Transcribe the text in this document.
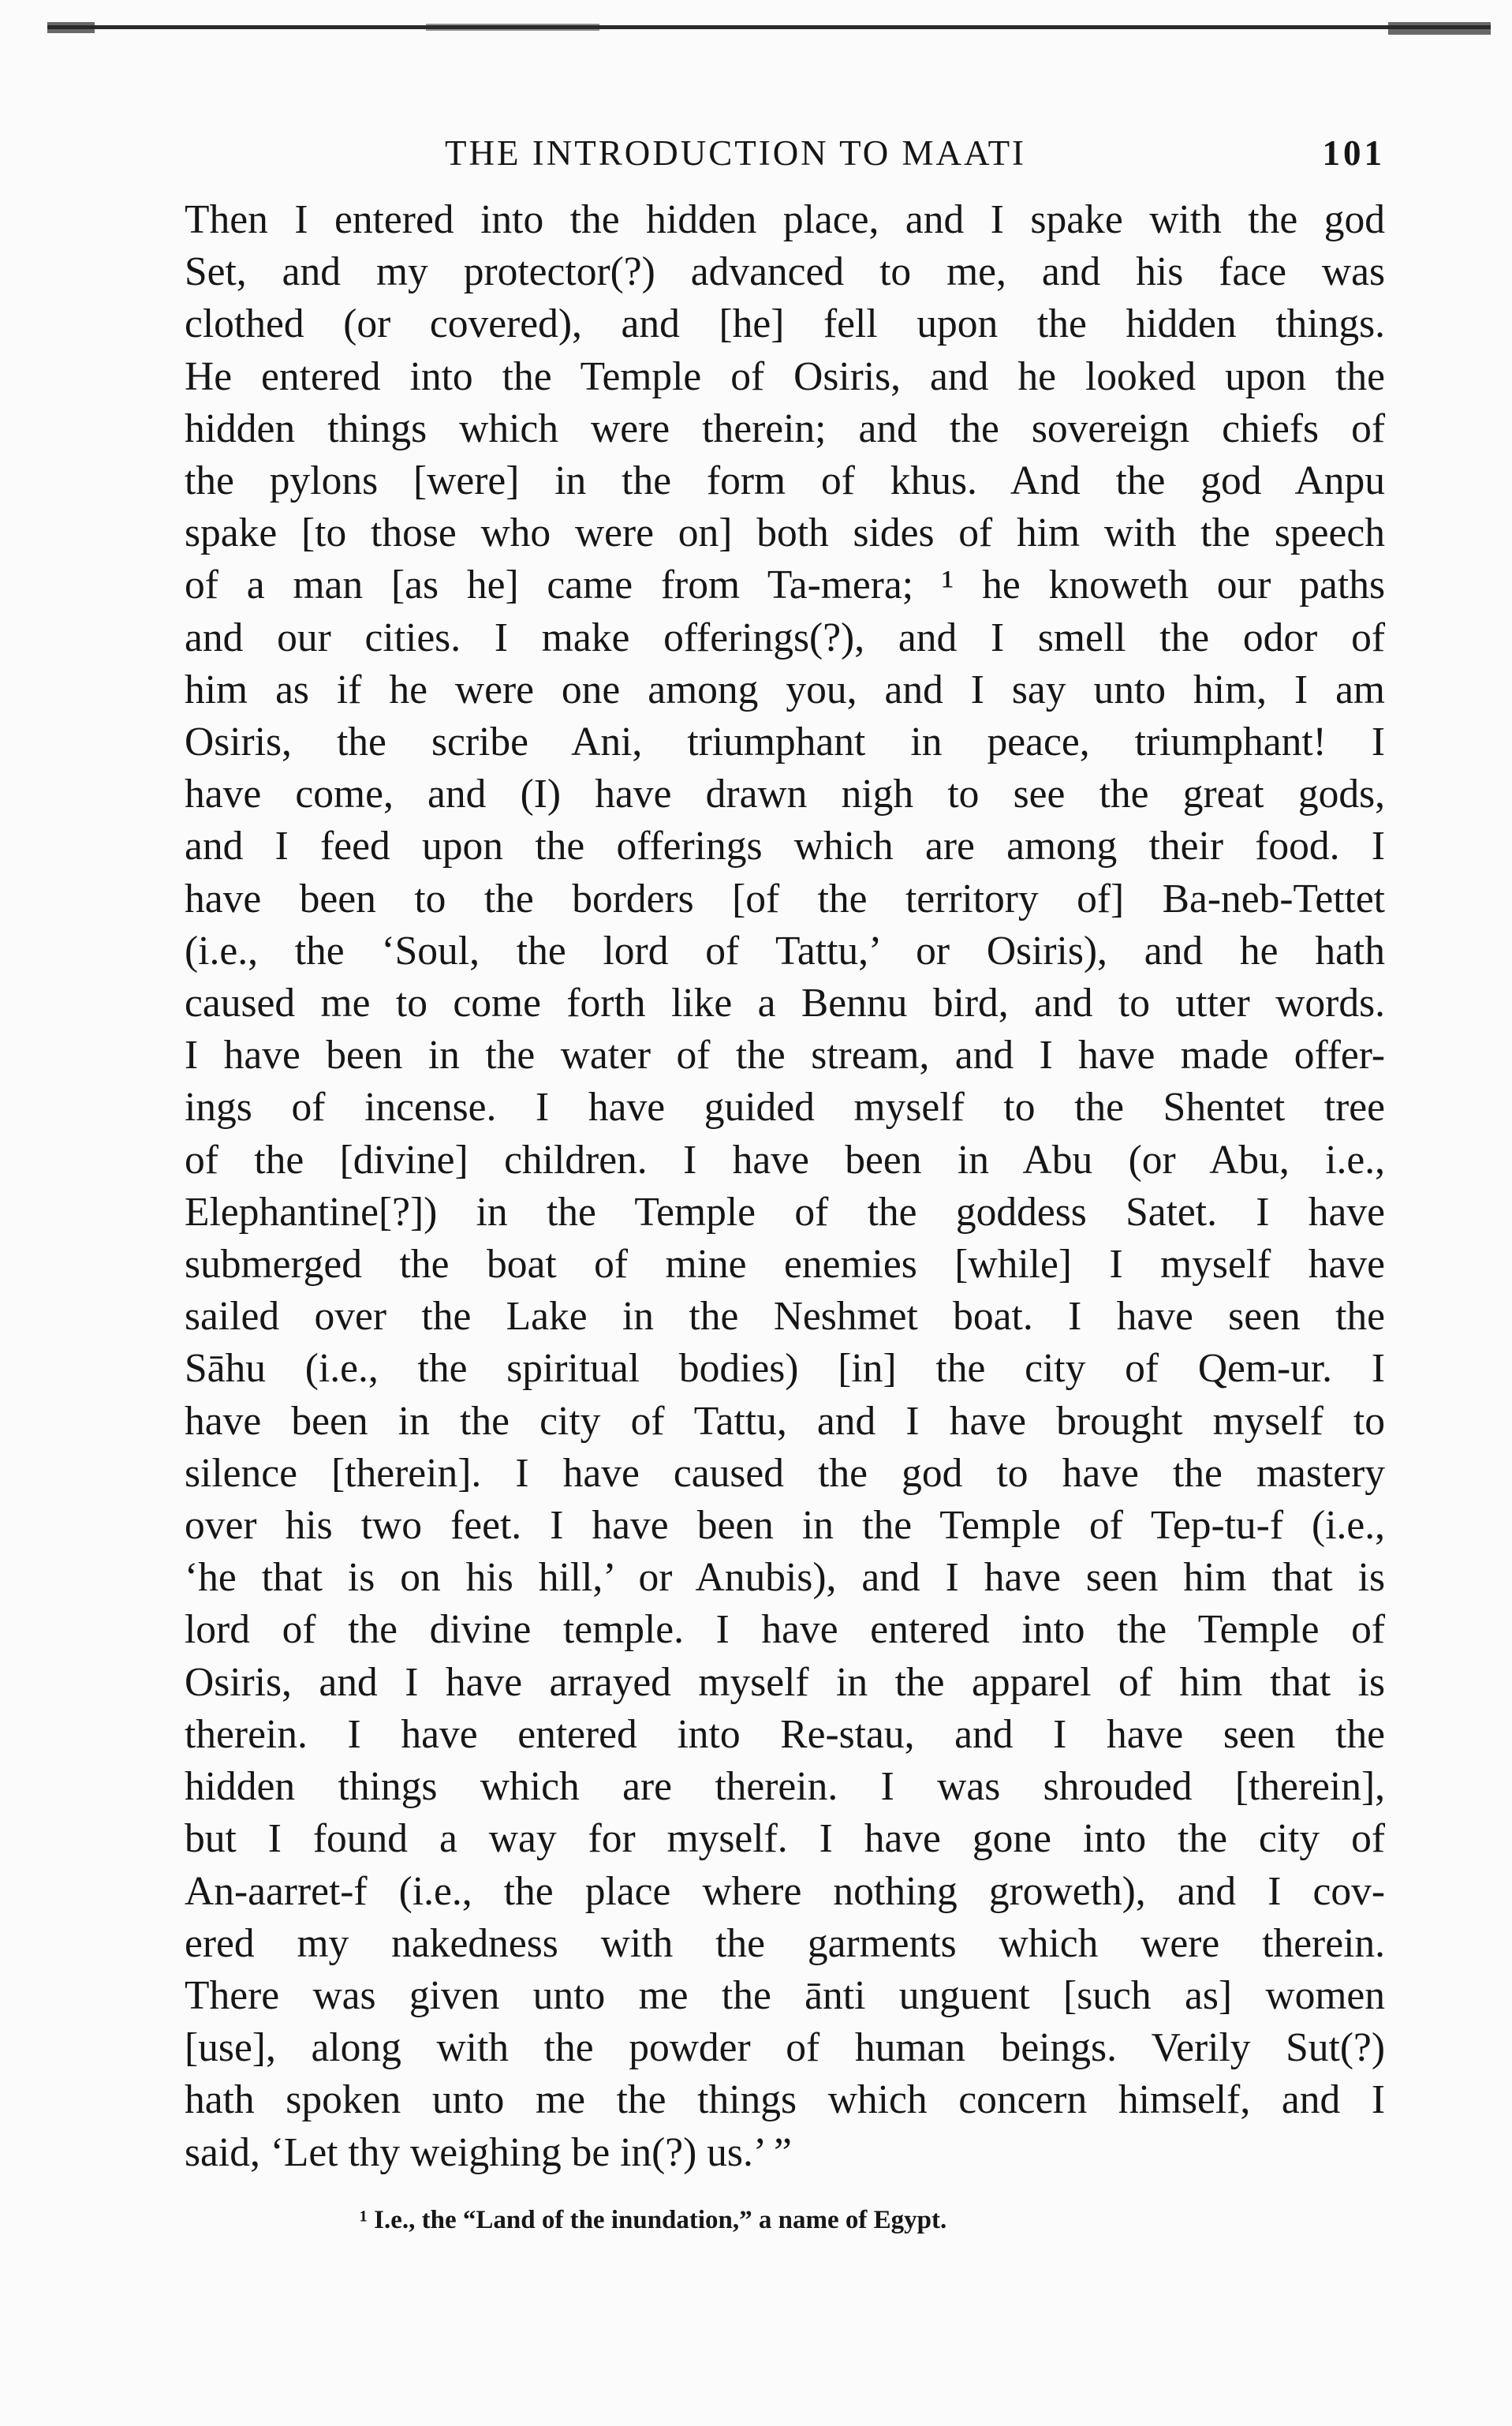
THE INTRODUCTION TO MAATI	101
Then I entered into the hidden place, and I spake with the god
Set, and my protector(?) advanced to me, and his face was
clothed (or covered), and [he] fell upon the hidden things.
He entered into the Temple of Osiris, and he looked upon the
hidden things which were therein; and the sovereign chiefs of
the pylons [were] in the form of khus. And the god Anpu
spake [to those who were on] both sides of him with the speech
of a man [as he] came from Ta-mera; ¹ he knoweth our paths
and our cities. I make offerings(?), and I smell the odor of
him as if he were one among you, and I say unto him, I am
Osiris, the scribe Ani, triumphant in peace, triumphant! I
have come, and (I) have drawn nigh to see the great gods,
and I feed upon the offerings which are among their food. I
have been to the borders [of the territory of] Ba-neb-Tettet
(i.e., the ‘Soul, the lord of Tattu,’ or Osiris), and he hath
caused me to come forth like a Bennu bird, and to utter words.
I have been in the water of the stream, and I have made offer-
ings of incense. I have guided myself to the Shentet tree
of the [divine] children. I have been in Abu (or Abu, i.e.,
Elephantine[?]) in the Temple of the goddess Satet. I have
submerged the boat of mine enemies [while] I myself have
sailed over the Lake in the Neshmet boat. I have seen the
Sāhu (i.e., the spiritual bodies) [in] the city of Qem-ur. I
have been in the city of Tattu, and I have brought myself to
silence [therein]. I have caused the god to have the mastery
over his two feet. I have been in the Temple of Tep-tu-f (i.e.,
‘he that is on his hill,’ or Anubis), and I have seen him that is
lord of the divine temple. I have entered into the Temple of
Osiris, and I have arrayed myself in the apparel of him that is
therein. I have entered into Re-stau, and I have seen the
hidden things which are therein. I was shrouded [therein],
but I found a way for myself. I have gone into the city of
An-aarret-f (i.e., the place where nothing groweth), and I cov-
ered my nakedness with the garments which were therein.
There was given unto me the ānti unguent [such as] women
[use], along with the powder of human beings. Verily Sut(?)
hath spoken unto me the things which concern himself, and I
said, ‘Let thy weighing be in(?) us.’ ”
¹ I.e., the “Land of the inundation,” a name of Egypt.
